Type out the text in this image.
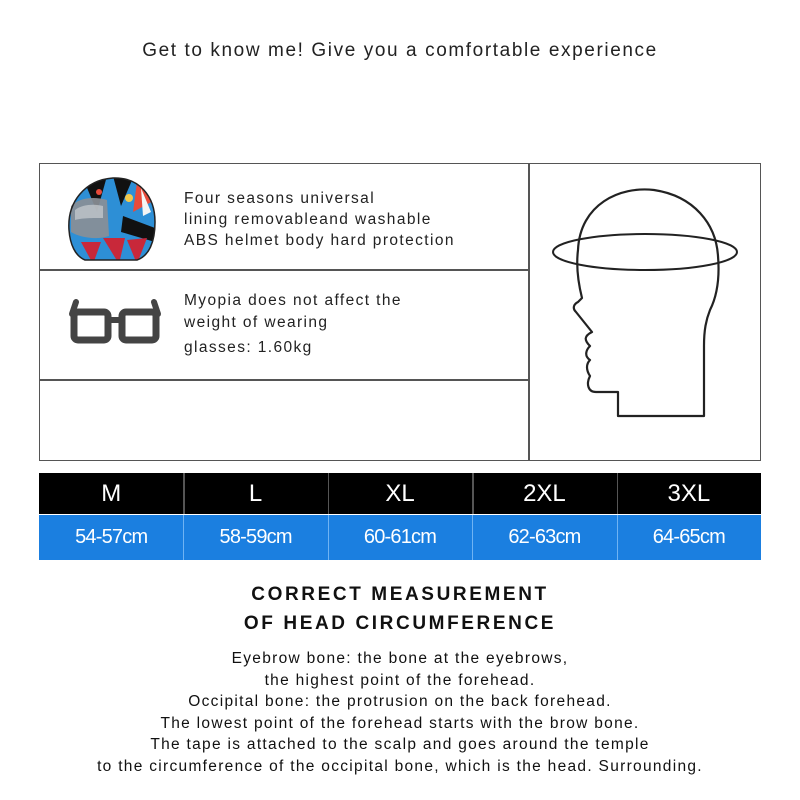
Get to know me! Give you a comfortable experience

Four seasons universal

lining removableand washable

ABS helmet body hard protection

Myopia does not affect the

weight of wearing

glasses: 1.60kg

M	L	XL	2XL	3XL
54-57cm	58-59cm	60-61cm	62-63cm	64-65cm
CORRECT MEASUREMENT
OF HEAD CIRCUMFERENCE
Eyebrow bone: the bone at the eyebrows,
the highest point of the forehead.
Occipital bone: the protrusion on the back forehead.
The lowest point of the forehead starts with the brow bone.
The tape is attached to the scalp and goes around the temple
to the circumference of the occipital bone, which is the head. Surrounding.
